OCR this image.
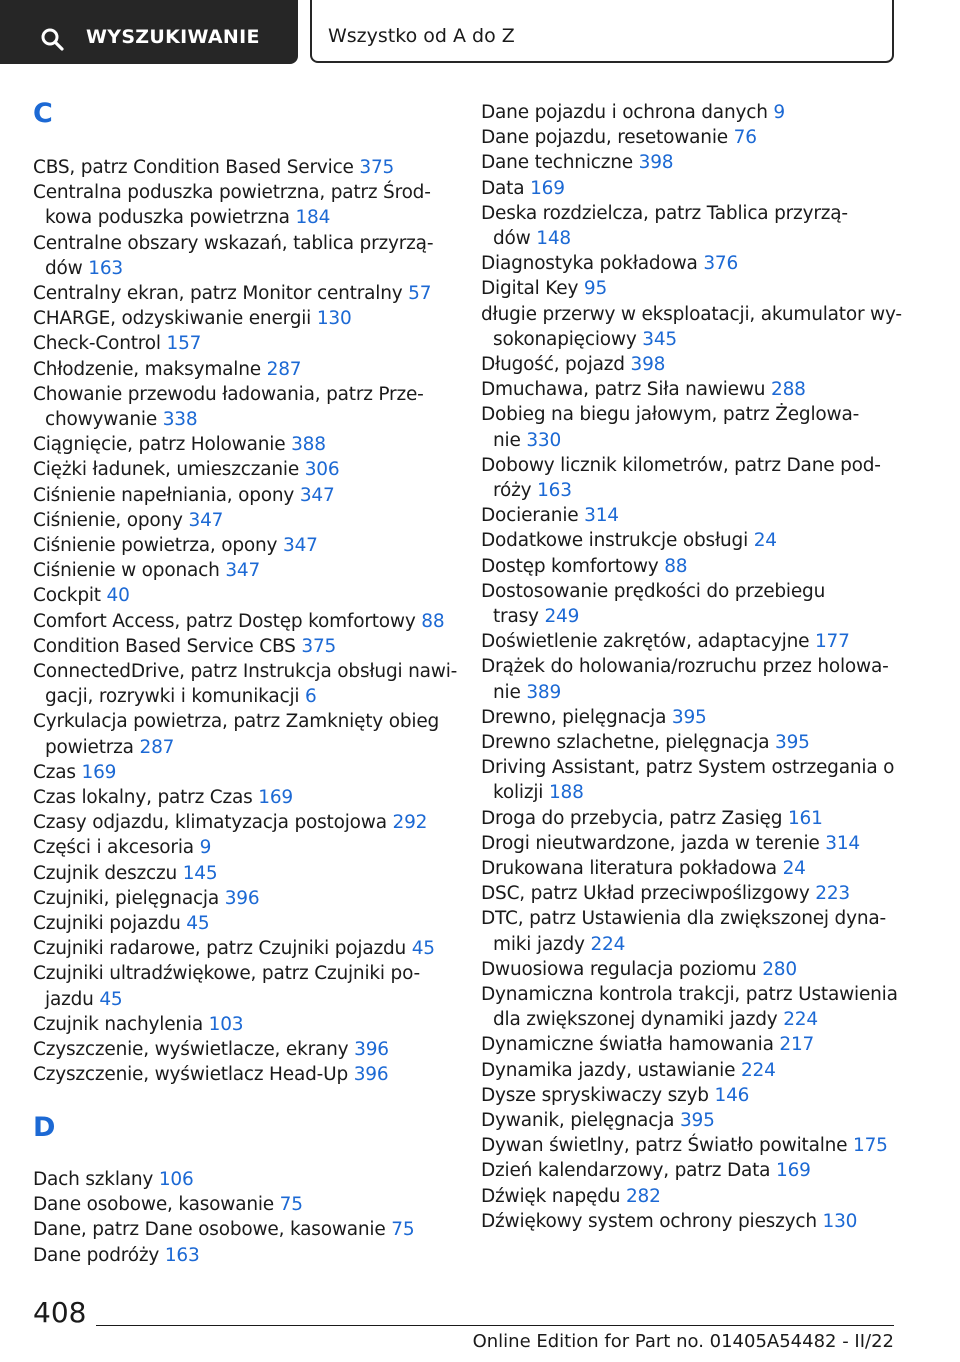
WYSZUKIWANIE	Wszystko od A do Z
C
D
CBS, patrz Condition Based Service 375
Centralna poduszka powietrzna, patrz Środ-
kowa poduszka powietrzna 184
Centralne obszary wskazań, tablica przyrzą-
dów 163
Centralny ekran, patrz Monitor centralny 57
CHARGE, odzyskiwanie energii 130
Check-Control 157
Chłodzenie, maksymalne 287
Chowanie przewodu ładowania, patrz Prze-
chowywanie 338
Ciągnięcie, patrz Holowanie 388
Ciężki ładunek, umieszczanie 306
Ciśnienie napełniania, opony 347
Ciśnienie, opony 347
Ciśnienie powietrza, opony 347
Ciśnienie w oponach 347
Cockpit 40
Comfort Access, patrz Dostęp komfortowy 88
Condition Based Service CBS 375
ConnectedDrive, patrz Instrukcja obsługi nawi-
gacji, rozrywki i komunikacji 6
Cyrkulacja powietrza, patrz Zamknięty obieg
powietrza 287
Czas 169
Czas lokalny, patrz Czas 169
Czasy odjazdu, klimatyzacja postojowa 292
Części i akcesoria 9
Czujnik deszczu 145
Czujniki, pielęgnacja 396
Czujniki pojazdu 45
Czujniki radarowe, patrz Czujniki pojazdu 45
Czujniki ultradźwiękowe, patrz Czujniki po-
jazdu 45
Czujnik nachylenia 103
Czyszczenie, wyświetlacze, ekrany 396
Czyszczenie, wyświetlacz Head-Up 396
Dach szklany 106
Dane osobowe, kasowanie 75
Dane, patrz Dane osobowe, kasowanie 75
Dane podróży 163
Dane pojazdu i ochrona danych 9
Dane pojazdu, resetowanie 76
Dane techniczne 398
Data 169
Deska rozdzielcza, patrz Tablica przyrzą-
dów 148
Diagnostyka pokładowa 376
Digital Key 95
długie przerwy w eksploatacji, akumulator wy-
sokonapięciowy 345
Długość, pojazd 398
Dmuchawa, patrz Siła nawiewu 288
Dobieg na biegu jałowym, patrz Żeglowa-
nie 330
Dobowy licznik kilometrów, patrz Dane pod-
róży 163
Docieranie 314
Dodatkowe instrukcje obsługi 24
Dostęp komfortowy 88
Dostosowanie prędkości do przebiegu
trasy 249
Doświetlenie zakrętów, adaptacyjne 177
Drążek do holowania/rozruchu przez holowa-
nie 389
Drewno, pielęgnacja 395
Drewno szlachetne, pielęgnacja 395
Driving Assistant, patrz System ostrzegania o
kolizji 188
Droga do przebycia, patrz Zasięg 161
Drogi nieutwardzone, jazda w terenie 314
Drukowana literatura pokładowa 24
DSC, patrz Układ przeciwpoślizgowy 223
DTC, patrz Ustawienia dla zwiększonej dyna-
miki jazdy 224
Dwuosiowa regulacja poziomu 280
Dynamiczna kontrola trakcji, patrz Ustawienia
dla zwiększonej dynamiki jazdy 224
Dynamiczne światła hamowania 217
Dynamika jazdy, ustawianie 224
Dysze spryskiwaczy szyb 146
Dywanik, pielęgnacja 395
Dywan świetlny, patrz Światło powitalne 175
Dzień kalendarzowy, patrz Data 169
Dźwięk napędu 282
Dźwiękowy system ochrony pieszych 130
408
Online Edition for Part no. 01405A54482 - II/22
